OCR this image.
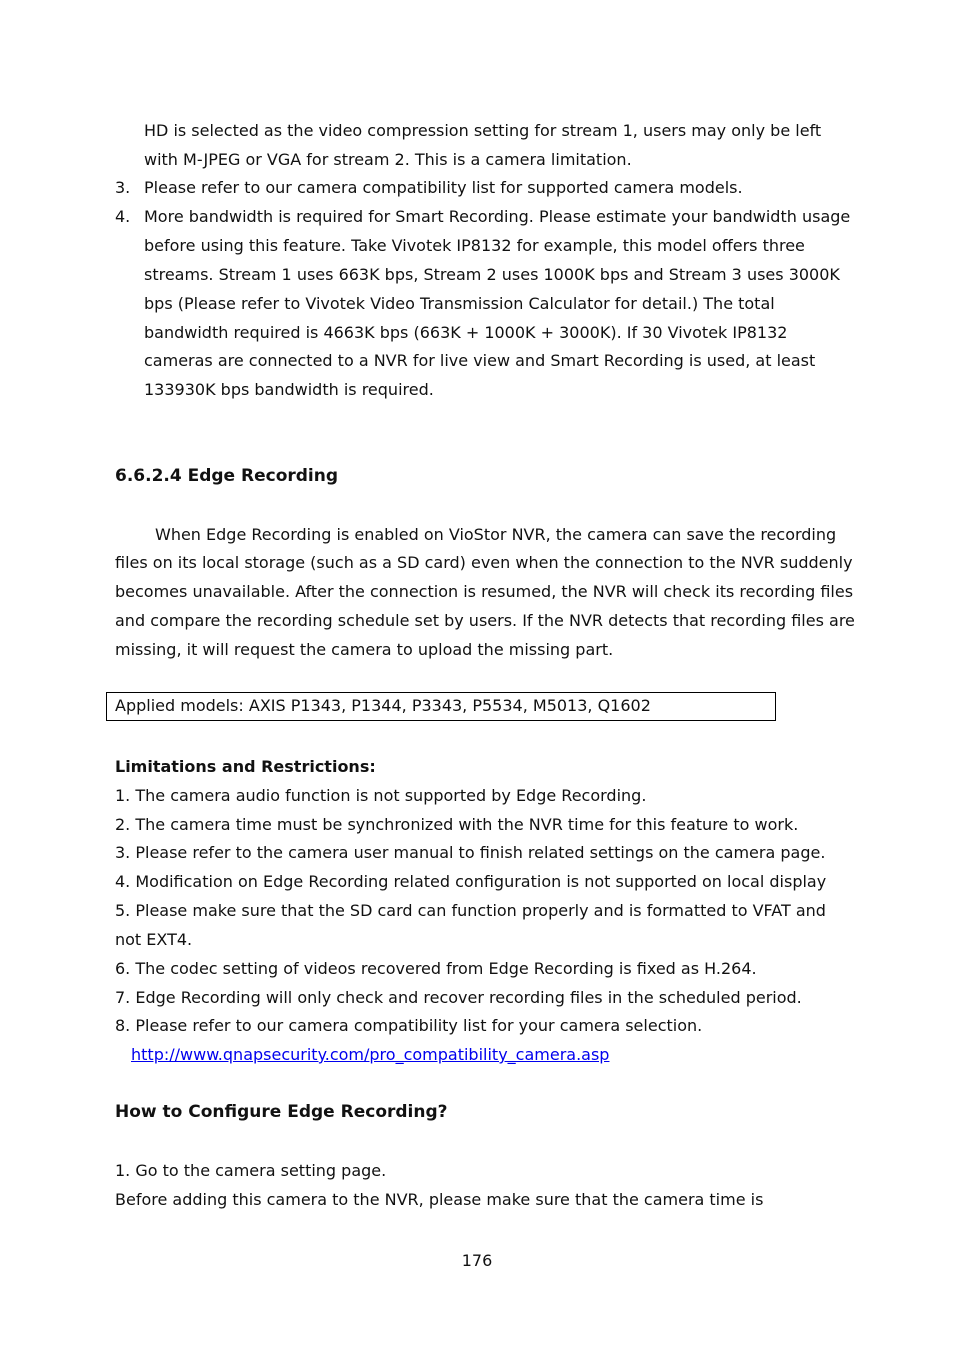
HD is selected as the video compression setting for stream 1, users may only be left
with M-JPEG or VGA for stream 2. This is a camera limitation.
3. Please refer to our camera compatibility list for supported camera models.
4. More bandwidth is required for Smart Recording. Please estimate your bandwidth usage
before using this feature. Take Vivotek IP8132 for example, this model offers three
streams. Stream 1 uses 663K bps, Stream 2 uses 1000K bps and Stream 3 uses 3000K
bps (Please refer to Vivotek Video Transmission Calculator for detail.) The total
bandwidth required is 4663K bps (663K + 1000K + 3000K). If 30 Vivotek IP8132
cameras are connected to a NVR for live view and Smart Recording is used, at least
133930K bps bandwidth is required.
6.6.2.4 Edge Recording
When Edge Recording is enabled on VioStor NVR, the camera can save the recording
files on its local storage (such as a SD card) even when the connection to the NVR suddenly
becomes unavailable. After the connection is resumed, the NVR will check its recording files
and compare the recording schedule set by users. If the NVR detects that recording files are
missing, it will request the camera to upload the missing part.
Applied models: AXIS P1343, P1344, P3343, P5534, M5013, Q1602
Limitations and Restrictions:
1. The camera audio function is not supported by Edge Recording.
2. The camera time must be synchronized with the NVR time for this feature to work.
3. Please refer to the camera user manual to finish related settings on the camera page.
4. Modification on Edge Recording related configuration is not supported on local display
5. Please make sure that the SD card can function properly and is formatted to VFAT and
not EXT4.
6. The codec setting of videos recovered from Edge Recording is fixed as H.264.
7. Edge Recording will only check and recover recording files in the scheduled period.
8. Please refer to our camera compatibility list for your camera selection.
http://www.qnapsecurity.com/pro_compatibility_camera.asp
How to Configure Edge Recording?
1. Go to the camera setting page.
Before adding this camera to the NVR, please make sure that the camera time is
176
